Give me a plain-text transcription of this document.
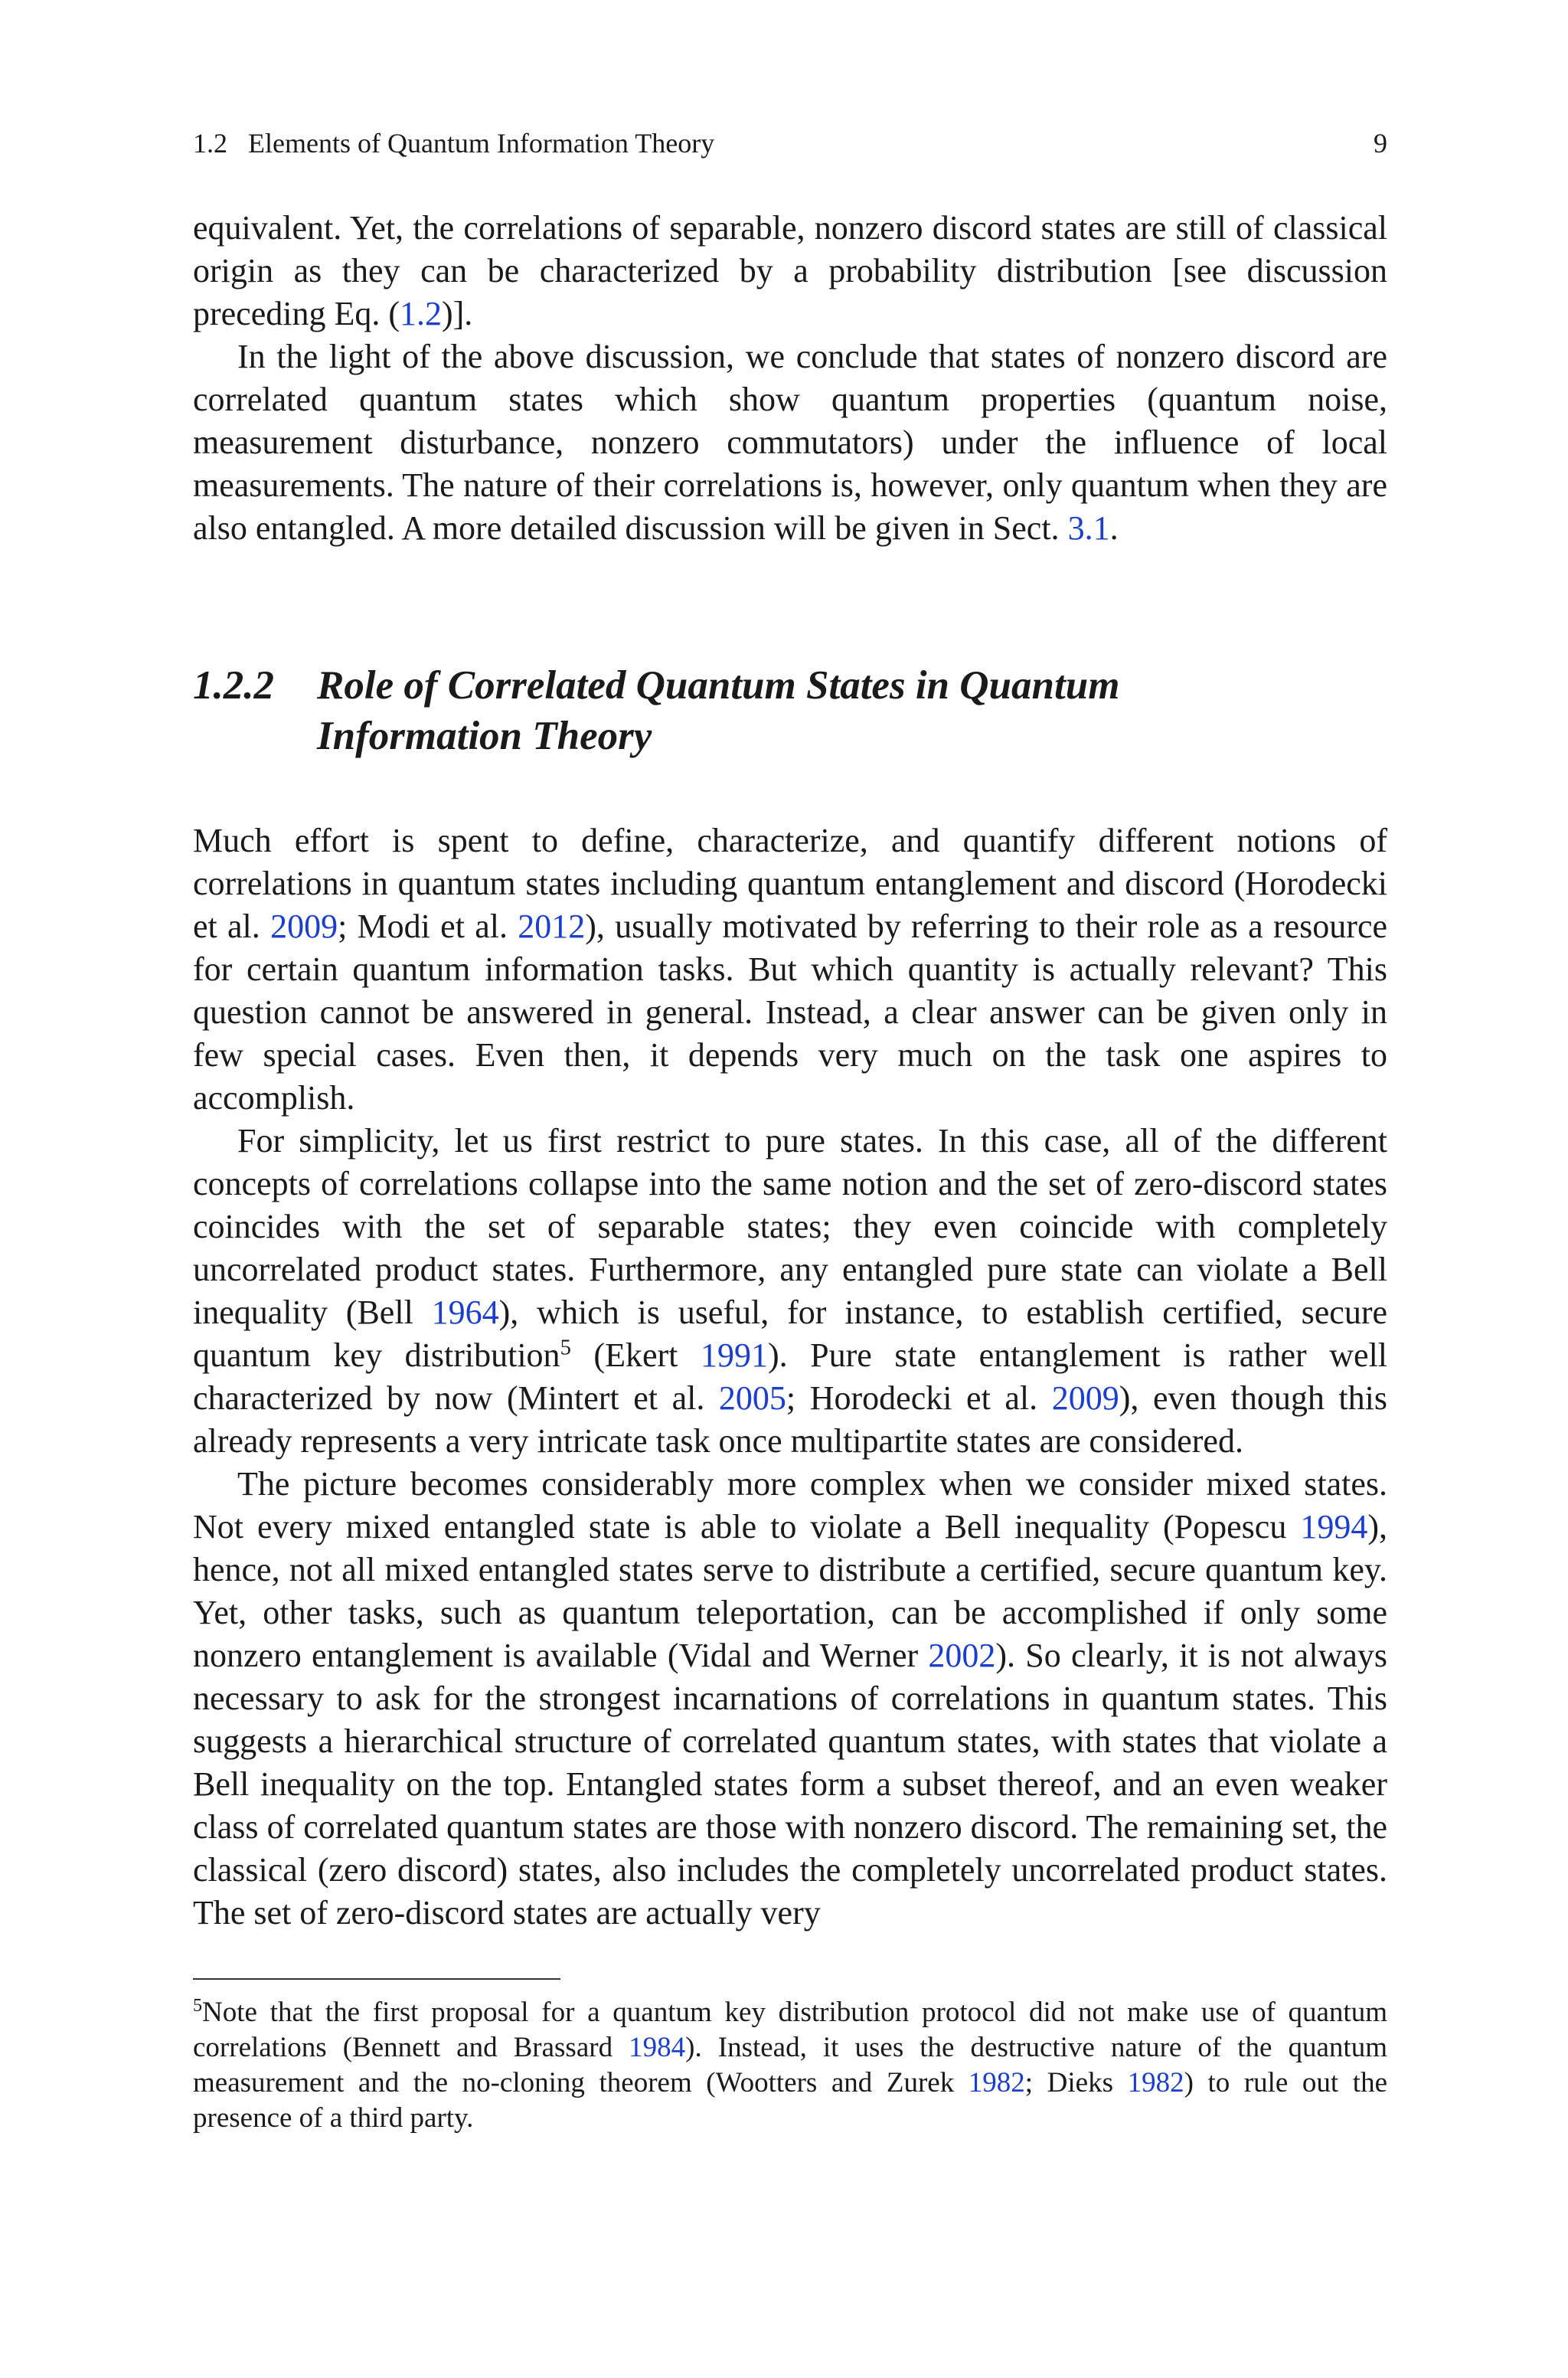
1.2 Elements of Quantum Information Theory	9

equivalent. Yet, the correlations of separable, nonzero discord states are still of classical origin as they can be characterized by a probability distribution [see discussion preceding Eq. (1.2)].

In the light of the above discussion, we conclude that states of nonzero discord are correlated quantum states which show quantum properties (quantum noise, measurement disturbance, nonzero commutators) under the influence of local measurements. The nature of their correlations is, however, only quantum when they are also entangled. A more detailed discussion will be given in Sect. 3.1.

1.2.2 Role of Correlated Quantum States in Quantum Information Theory

Much effort is spent to define, characterize, and quantify different notions of correlations in quantum states including quantum entanglement and discord (Horodecki et al. 2009; Modi et al. 2012), usually motivated by referring to their role as a resource for certain quantum information tasks. But which quantity is actually relevant? This question cannot be answered in general. Instead, a clear answer can be given only in few special cases. Even then, it depends very much on the task one aspires to accomplish.

For simplicity, let us first restrict to pure states. In this case, all of the different concepts of correlations collapse into the same notion and the set of zero-discord states coincides with the set of separable states; they even coincide with completely uncorrelated product states. Furthermore, any entangled pure state can violate a Bell inequality (Bell 1964), which is useful, for instance, to establish certified, secure quantum key distribution$^5$ (Ekert 1991). Pure state entanglement is rather well characterized by now (Mintert et al. 2005; Horodecki et al. 2009), even though this already represents a very intricate task once multipartite states are considered.

The picture becomes considerably more complex when we consider mixed states. Not every mixed entangled state is able to violate a Bell inequality (Popescu 1994), hence, not all mixed entangled states serve to distribute a certified, secure quantum key. Yet, other tasks, such as quantum teleportation, can be accomplished if only some nonzero entanglement is available (Vidal and Werner 2002). So clearly, it is not always necessary to ask for the strongest incarnations of correlations in quantum states. This suggests a hierarchical structure of correlated quantum states, with states that violate a Bell inequality on the top. Entangled states form a subset thereof, and an even weaker class of correlated quantum states are those with nonzero discord. The remaining set, the classical (zero discord) states, also includes the completely uncorrelated product states. The set of zero-discord states are actually very

$^5$Note that the first proposal for a quantum key distribution protocol did not make use of quantum correlations (Bennett and Brassard 1984). Instead, it uses the destructive nature of the quantum measurement and the no-cloning theorem (Wootters and Zurek 1982; Dieks 1982) to rule out the presence of a third party.
